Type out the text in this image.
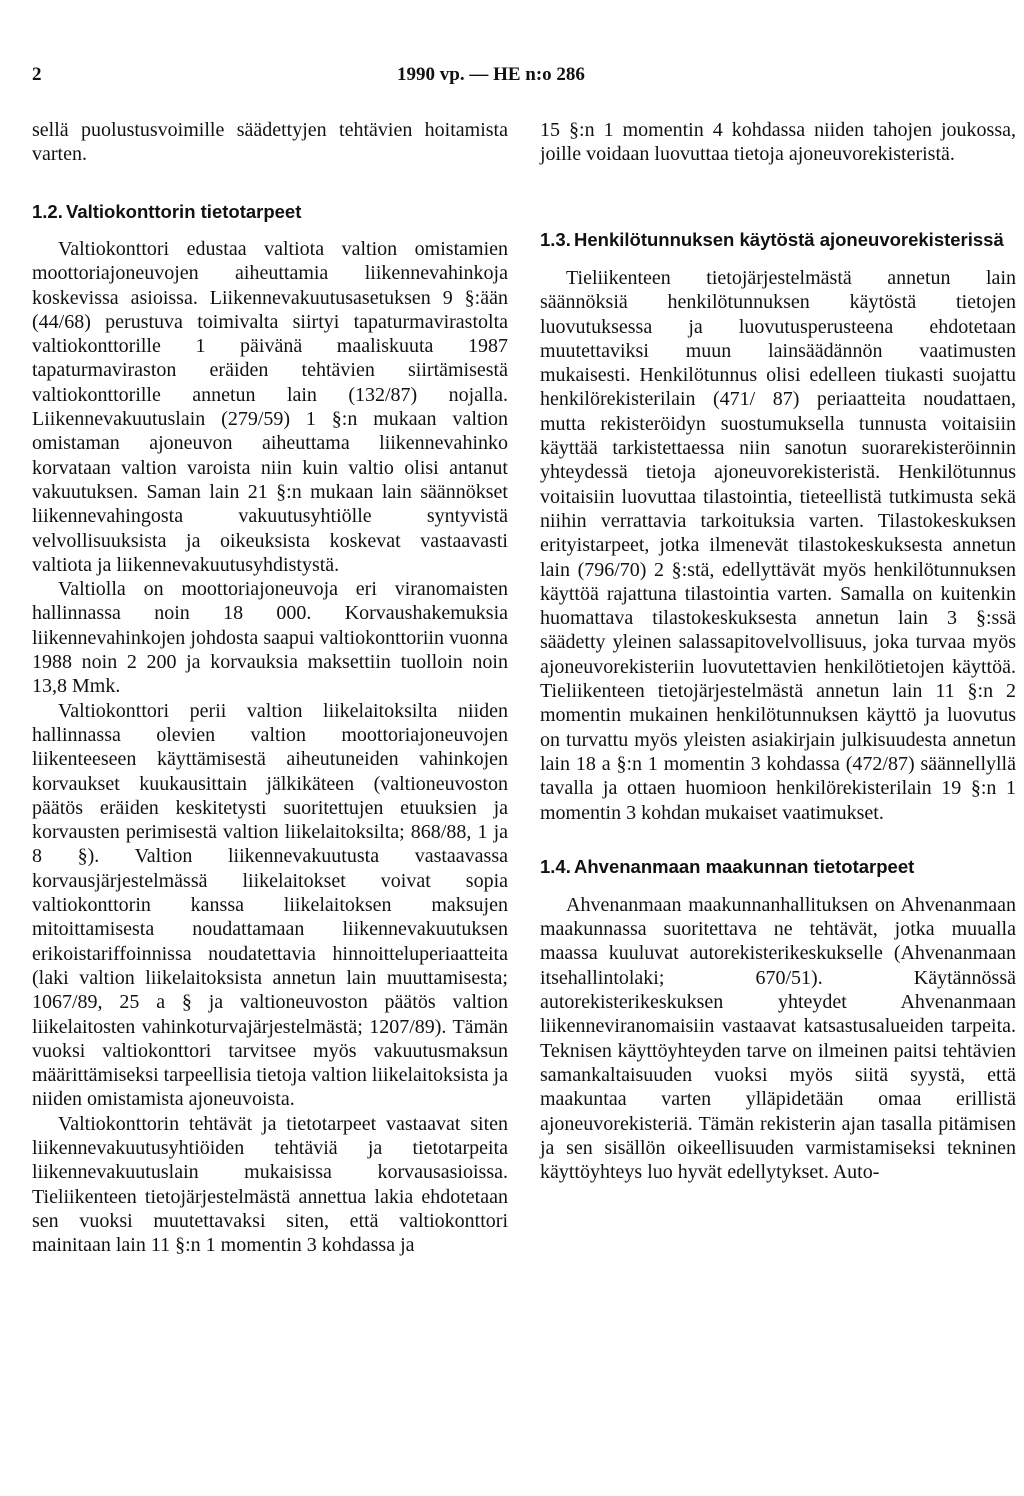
2	1990 vp. — HE n:o 286

sellä puolustusvoimille säädettyjen tehtävien hoitamista varten.

1.2. Valtiokonttorin tietotarpeet

Valtiokonttori edustaa valtiota valtion omistamien moottoriajoneuvojen aiheuttamia liikennevahinkoja koskevissa asioissa. Liikennevakuutusasetuksen 9 §:ään (44/68) perustuva toimivalta siirtyi tapaturmavirastolta valtiokonttorille 1 päivänä maaliskuuta 1987 tapaturmaviraston eräiden tehtävien siirtämisestä valtiokonttorille annetun lain (132/87) nojalla. Liikennevakuutuslain (279/59) 1 §:n mukaan valtion omistaman ajoneuvon aiheuttama liikennevahinko korvataan valtion varoista niin kuin valtio olisi antanut vakuutuksen. Saman lain 21 §:n mukaan lain säännökset liikennevahingosta vakuutusyhtiölle syntyvistä velvollisuuksista ja oikeuksista koskevat vastaavasti valtiota ja liikennevakuutusyhdistystä.

Valtiolla on moottoriajoneuvoja eri viranomaisten hallinnassa noin 18 000. Korvaushakemuksia liikennevahinkojen johdosta saapui valtiokonttoriin vuonna 1988 noin 2 200 ja korvauksia maksettiin tuolloin noin 13,8 Mmk.

Valtiokonttori perii valtion liikelaitoksilta niiden hallinnassa olevien valtion moottoriajoneuvojen liikenteeseen käyttämisestä aiheutuneiden vahinkojen korvaukset kuukausittain jälkikäteen (valtioneuvoston päätös eräiden keskitetysti suoritettujen etuuksien ja korvausten perimisestä valtion liikelaitoksilta; 868/88, 1 ja 8 §). Valtion liikennevakuutusta vastaavassa korvausjärjestelmässä liikelaitokset voivat sopia valtiokonttorin kanssa liikelaitoksen maksujen mitoittamisesta noudattamaan liikennevakuutuksen erikoistariffoinnissa noudatettavia hinnoitteluperiaatteita (laki valtion liikelaitoksista annetun lain muuttamisesta; 1067/89, 25 a § ja valtioneuvoston päätös valtion liikelaitosten vahinkoturvajärjestelmästä; 1207/89). Tämän vuoksi valtiokonttori tarvitsee myös vakuutusmaksun määrittämiseksi tarpeellisia tietoja valtion liikelaitoksista ja niiden omistamista ajoneuvoista.

Valtiokonttorin tehtävät ja tietotarpeet vastaavat siten liikennevakuutusyhtiöiden tehtäviä ja tietotarpeita liikennevakuutuslain mukaisissa korvausasioissa. Tieliikenteen tietojärjestelmästä annettua lakia ehdotetaan sen vuoksi muutettavaksi siten, että valtiokonttori mainitaan lain 11 §:n 1 momentin 3 kohdassa ja

15 §:n 1 momentin 4 kohdassa niiden tahojen joukossa, joille voidaan luovuttaa tietoja ajoneuvorekisteristä.

1.3. Henkilötunnuksen käytöstä ajoneuvorekisterissä

Tieliikenteen tietojärjestelmästä annetun lain säännöksiä henkilötunnuksen käytöstä tietojen luovutuksessa ja luovutusperusteena ehdotetaan muutettaviksi muun lainsäädännön vaatimusten mukaisesti. Henkilötunnus olisi edelleen tiukasti suojattu henkilörekisterilain (471/ 87) periaatteita noudattaen, mutta rekisteröidyn suostumuksella tunnusta voitaisiin käyttää tarkistettaessa niin sanotun suorarekisteröinnin yhteydessä tietoja ajoneuvorekisteristä. Henkilötunnus voitaisiin luovuttaa tilastointia, tieteellistä tutkimusta sekä niihin verrattavia tarkoituksia varten. Tilastokeskuksen erityistarpeet, jotka ilmenevät tilastokeskuksesta annetun lain (796/70) 2 §:stä, edellyttävät myös henkilötunnuksen käyttöä rajattuna tilastointia varten. Samalla on kuitenkin huomattava tilastokeskuksesta annetun lain 3 §:ssä säädetty yleinen salassapitovelvollisuus, joka turvaa myös ajoneuvorekisteriin luovutettavien henkilötietojen käyttöä. Tieliikenteen tietojärjestelmästä annetun lain 11 §:n 2 momentin mukainen henkilötunnuksen käyttö ja luovutus on turvattu myös yleisten asiakirjain julkisuudesta annetun lain 18 a §:n 1 momentin 3 kohdassa (472/87) säännellyllä tavalla ja ottaen huomioon henkilörekisterilain 19 §:n 1 momentin 3 kohdan mukaiset vaatimukset.

1.4. Ahvenanmaan maakunnan tietotarpeet

Ahvenanmaan maakunnanhallituksen on Ahvenanmaan maakunnassa suoritettava ne tehtävät, jotka muualla maassa kuuluvat autorekisterikeskukselle (Ahvenanmaan itsehallintolaki; 670/51). Käytännössä autorekisterikeskuksen yhteydet Ahvenanmaan liikenneviranomaisiin vastaavat katsastusalueiden tarpeita. Teknisen käyttöyhteyden tarve on ilmeinen paitsi tehtävien samankaltaisuuden vuoksi myös siitä syystä, että maakuntaa varten ylläpidetään omaa erillistä ajoneuvorekisteriä. Tämän rekisterin ajan tasalla pitämisen ja sen sisällön oikeellisuuden varmistamiseksi tekninen käyttöyhteys luo hyvät edellytykset. Auto-
